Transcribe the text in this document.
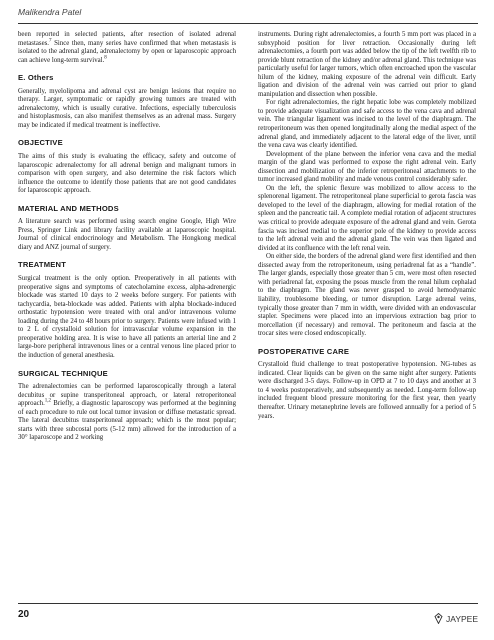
Malikendra Patel

been reported in selected patients, after resection of isolated adrenal metastases.$^7$ Since then, many series have confirmed that when metastasis is isolated to the adrenal gland, adrenalectomy by open or laparoscopic approach can achieve long-term survival.$^8$

E. Others

Generally, myelolipoma and adrenal cyst are benign lesions that require no therapy. Larger, symptomatic or rapidly growing tumors are treated with adrenalectomy, which is usually curative. Infections, especially tuberculosis and histoplasmosis, can also manifest themselves as an adrenal mass. Surgery may be indicated if medical treatment is ineffective.

OBJECTIVE

The aims of this study is evaluating the efficacy, safety and outcome of laparoscopic adrenalectomy for all adrenal benign and malignant tumors in comparison with open surgery, and also determine the risk factors which influence the outcome to identify those patients that are not good candidates for laparoscopic approach.

MATERIAL AND METHODS

A literature search was performed using search engine Google, High Wire Press, Springer Link and library facility available at laparoscopic hospital. Journal of clinical endocrinology and Metabolism. The Hongkong medical diary and ANZ journal of surgery.

TREATMENT

Surgical treatment is the only option. Preoperatively in all patients with preoperative signs and symptoms of catecholamine excess, alpha-adrenergic blockade was started 10 days to 2 weeks before surgery. For patients with tachycardia, beta-blockade was added. Patients with alpha blockade-induced orthostatic hypotension were treated with oral and/or intravenous volume loading during the 24 to 48 hours prior to surgery. Patients were infused with 1 to 2 L of crystalloid solution for intravascular volume expansion in the preoperative holding area. It is wise to have all patients an arterial line and 2 large-bore peripheral intravenous lines or a central venous line placed prior to the induction of general anesthesia.

SURGICAL TECHNIQUE

The adrenalectomies can be performed laparoscopically through a lateral decubitus or supine transperitoneal approach, or lateral retroperitoneal approach.$^{1,2}$ Briefly, a diagnostic laparoscopy was performed at the beginning of each procedure to rule out local tumor invasion or diffuse metastatic spread. The lateral decubitus transperitoneal approach; which is the most popular; starts with three subcostal ports (5-12 mm) allowed for the introduction of a 30° laparoscope and 2 working

instruments. During right adrenalectomies, a fourth 5 mm port was placed in a subxyphoid position for liver retraction. Occasionally during left adrenalectomies, a fourth port was added below the tip of the left twelfth rib to provide blunt retraction of the kidney and/or adrenal gland. This technique was particularly useful for larger tumors, which often encroached upon the vascular hilum of the kidney, making exposure of the adrenal vein difficult. Early ligation and division of the adrenal vein was carried out prior to gland manipulation and dissection when possible.

For right adrenalectomies, the right hepatic lobe was completely mobilized to provide adequate visualization and safe access to the vena cava and adrenal vein. The triangular ligament was incised to the level of the diaphragm. The retroperitoneum was then opened longitudinally along the medial aspect of the adrenal gland, and immediately adjacent to the lateral edge of the liver, until the vena cava was clearly identified.

Development of the plane between the inferior vena cava and the medial margin of the gland was performed to expose the right adrenal vein. Early dissection and mobilization of the inferior retroperitoneal attachments to the tumor increased gland mobility and made venous control considerably safer.

On the left, the splenic flexure was mobilized to allow access to the splenorenal ligament. The retroperitoneal plane superficial to gerota fascia was developed to the level of the diaphragm, allowing for medial rotation of the spleen and the pancreatic tail. A complete medial rotation of adjacent structures was critical to provide adequate exposure of the adrenal gland and vein. Gerota fascia was incised medial to the superior pole of the kidney to provide access to the left adrenal vein and the adrenal gland. The vein was then ligated and divided at its confluence with the left renal vein.

On either side, the borders of the adrenal gland were first identified and then dissected away from the retroperitoneum, using periadrenal fat as a “handle”. The larger glands, especially those greater than 5 cm, were most often resected with periadrenal fat, exposing the psoas muscle from the renal hilum cephalad to the diaphragm. The gland was never grasped to avoid hemodynamic liability, troublesome bleeding, or tumor disruption. Large adrenal veins, typically those greater than 7 mm in width, were divided with an endovascular stapler. Specimens were placed into an impervious extraction bag prior to morcellation (if necessary) and removal. The peritoneum and fascia at the trocar sites were closed endoscopically.

POSTOPERATIVE CARE

Crystalloid fluid challenge to treat postoperative hypotension. NG-tubes as indicated. Clear liquids can be given on the same night after surgery. Patients were discharged 3-5 days. Follow-up in OPD at 7 to 10 days and another at 3 to 4 weeks postoperatively, and subsequently as needed. Long-term follow-up included frequent blood pressure monitoring for the first year, then yearly thereafter. Urinary metanephrine levels are followed annually for a period of 5 years.

20	JAYPEE
